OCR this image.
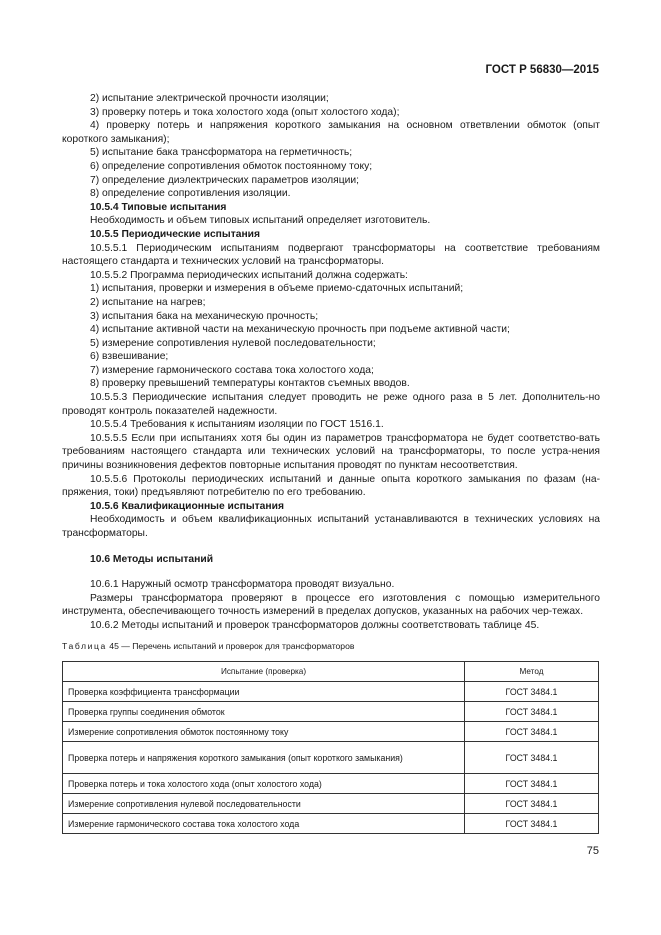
ГОСТ Р 56830—2015

2) испытание электрической прочности изоляции;

3) проверку потерь и тока холостого хода (опыт холостого хода);

4) проверку потерь и напряжения короткого замыкания на основном ответвлении обмоток (опыт короткого замыкания);

5) испытание бака трансформатора на герметичность;

6) определение сопротивления обмоток постоянному току;

7) определение диэлектрических параметров изоляции;

8) определение сопротивления изоляции.

10.5.4 Типовые испытания

Необходимость и объем типовых испытаний определяет изготовитель.

10.5.5 Периодические испытания

10.5.5.1 Периодическим испытаниям подвергают трансформаторы на соответствие требованиям настоящего стандарта и технических условий на трансформаторы.

10.5.5.2 Программа периодических испытаний должна содержать:

1) испытания, проверки и измерения в объеме приемо-сдаточных испытаний;

2) испытание на нагрев;

3) испытания бака на механическую прочность;

4) испытание активной части на механическую прочность при подъеме активной части;

5) измерение сопротивления нулевой последовательности;

6) взвешивание;

7) измерение гармонического состава тока холостого хода;

8) проверку превышений температуры контактов съемных вводов.

10.5.5.3 Периодические испытания следует проводить не реже одного раза в 5 лет. Дополнитель-но проводят контроль показателей надежности.

10.5.5.4 Требования к испытаниям изоляции по ГОСТ 1516.1.

10.5.5.5 Если при испытаниях хотя бы один из параметров трансформатора не будет соответство-вать требованиям настоящего стандарта или технических условий на трансформаторы, то после устра-нения причины возникновения дефектов повторные испытания проводят по пунктам несоответствия.

10.5.5.6 Протоколы периодических испытаний и данные опыта короткого замыкания по фазам (на-пряжения, токи) предъявляют потребителю по его требованию.

10.5.6 Квалификационные испытания

Необходимость и объем квалификационных испытаний устанавливаются в технических условиях на трансформаторы.

10.6 Методы испытаний

10.6.1 Наружный осмотр трансформатора проводят визуально.

Размеры трансформатора проверяют в процессе его изготовления с помощью измерительного инструмента, обеспечивающего точность измерений в пределах допусков, указанных на рабочих чер-тежах.

10.6.2 Методы испытаний и проверок трансформаторов должны соответствовать таблице 45.

Таблица 45 — Перечень испытаний и проверок для трансформаторов
Испытание (проверка)	Метод
Проверка коэффициента трансформации	ГОСТ 3484.1
Проверка группы соединения обмоток	ГОСТ 3484.1
Измерение сопротивления обмоток постоянному току	ГОСТ 3484.1
Проверка потерь и напряжения короткого замыкания (опыт короткого замыкания)	ГОСТ 3484.1
Проверка потерь и тока холостого хода (опыт холостого хода)	ГОСТ 3484.1
Измерение сопротивления нулевой последовательности	ГОСТ 3484.1
Измерение гармонического состава тока холостого хода	ГОСТ 3484.1
75
